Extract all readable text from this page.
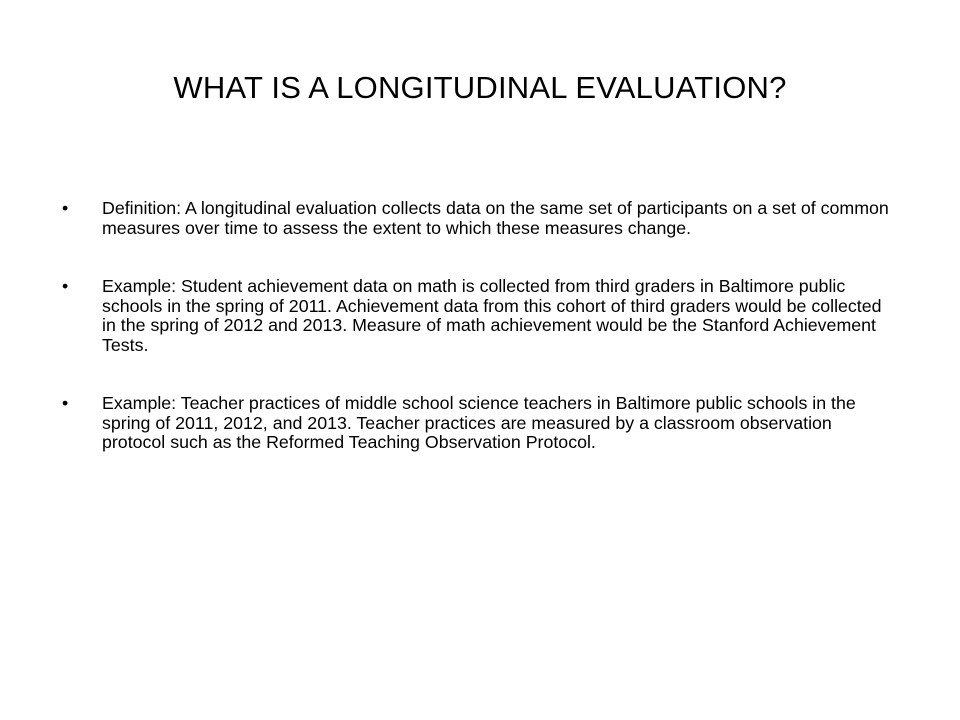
WHAT IS A LONGITUDINAL EVALUATION?
•	Definition: A longitudinal evaluation collects data on the same set of participants on a set of common measures over time to assess the extent to which these measures change.
•	Example: Student achievement data on math is collected from third graders in Baltimore public schools in the spring of 2011. Achievement data from this cohort of third graders would be collected in the spring of 2012 and 2013. Measure of math achievement would be the Stanford Achievement Tests.
•	Example: Teacher practices of middle school science teachers in Baltimore public schools in the spring of 2011, 2012, and 2013. Teacher practices are measured by a classroom observation protocol such as the Reformed Teaching Observation Protocol.
